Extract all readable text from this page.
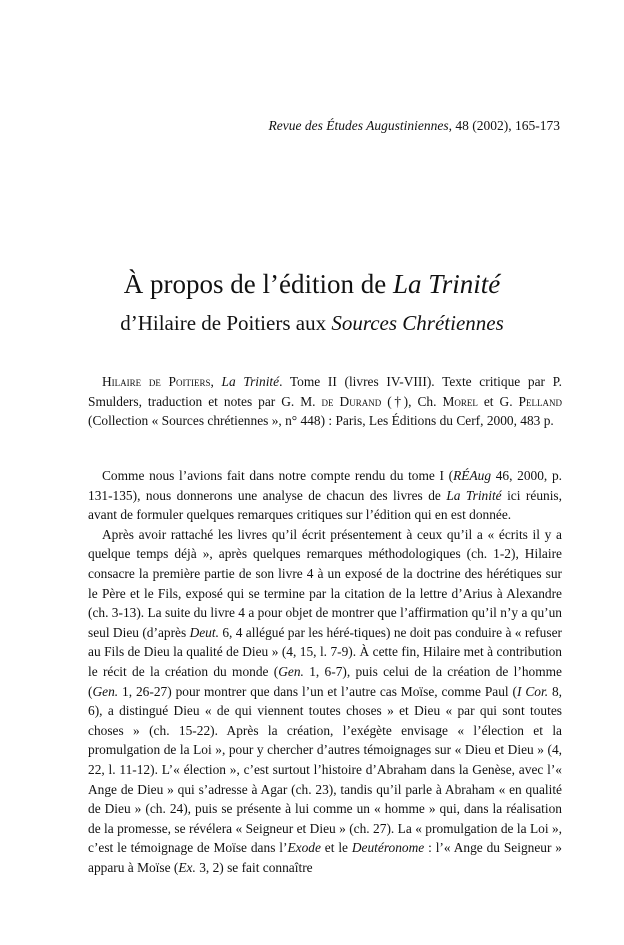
Revue des Études Augustiniennes, 48 (2002), 165-173
À propos de l’édition de La Trinité
d’Hilaire de Poitiers aux Sources Chrétiennes

Hilaire de Poitiers, La Trinité. Tome II (livres IV-VIII). Texte critique par P. Smulders, traduction et notes par G. M. de Durand (†), Ch. Morel et G. Pelland (Collection « Sources chrétiennes », n° 448) : Paris, Les Éditions du Cerf, 2000, 483 p.

Comme nous l’avions fait dans notre compte rendu du tome I (RÉAug 46, 2000, p. 131-135), nous donnerons une analyse de chacun des livres de La Trinité ici réunis, avant de formuler quelques remarques critiques sur l’édition qui en est donnée.

Après avoir rattaché les livres qu’il écrit présentement à ceux qu’il a « écrits il y a quelque temps déjà », après quelques remarques méthodologiques (ch. 1-2), Hilaire consacre la première partie de son livre 4 à un exposé de la doctrine des hérétiques sur le Père et le Fils, exposé qui se termine par la citation de la lettre d’Arius à Alexandre (ch. 3-13). La suite du livre 4 a pour objet de montrer que l’affirmation qu’il n’y a qu’un seul Dieu (d’après Deut. 6, 4 allégué par les héré-tiques) ne doit pas conduire à « refuser au Fils de Dieu la qualité de Dieu » (4, 15, l. 7-9). À cette fin, Hilaire met à contribution le récit de la création du monde (Gen. 1, 6-7), puis celui de la création de l’homme (Gen. 1, 26-27) pour montrer que dans l’un et l’autre cas Moïse, comme Paul (I Cor. 8, 6), a distingué Dieu « de qui viennent toutes choses » et Dieu « par qui sont toutes choses » (ch. 15-22). Après la création, l’exégète envisage « l’élection et la promulgation de la Loi », pour y chercher d’autres témoignages sur « Dieu et Dieu » (4, 22, l. 11-12). L’« élection », c’est surtout l’histoire d’Abraham dans la Genèse, avec l’« Ange de Dieu » qui s’adresse à Agar (ch. 23), tandis qu’il parle à Abraham « en qualité de Dieu » (ch. 24), puis se présente à lui comme un « homme » qui, dans la réalisation de la promesse, se révélera « Seigneur et Dieu » (ch. 27). La « promulgation de la Loi », c’est le témoignage de Moïse dans l’Exode et le Deutéronome : l’« Ange du Seigneur » apparu à Moïse (Ex. 3, 2) se fait connaître
